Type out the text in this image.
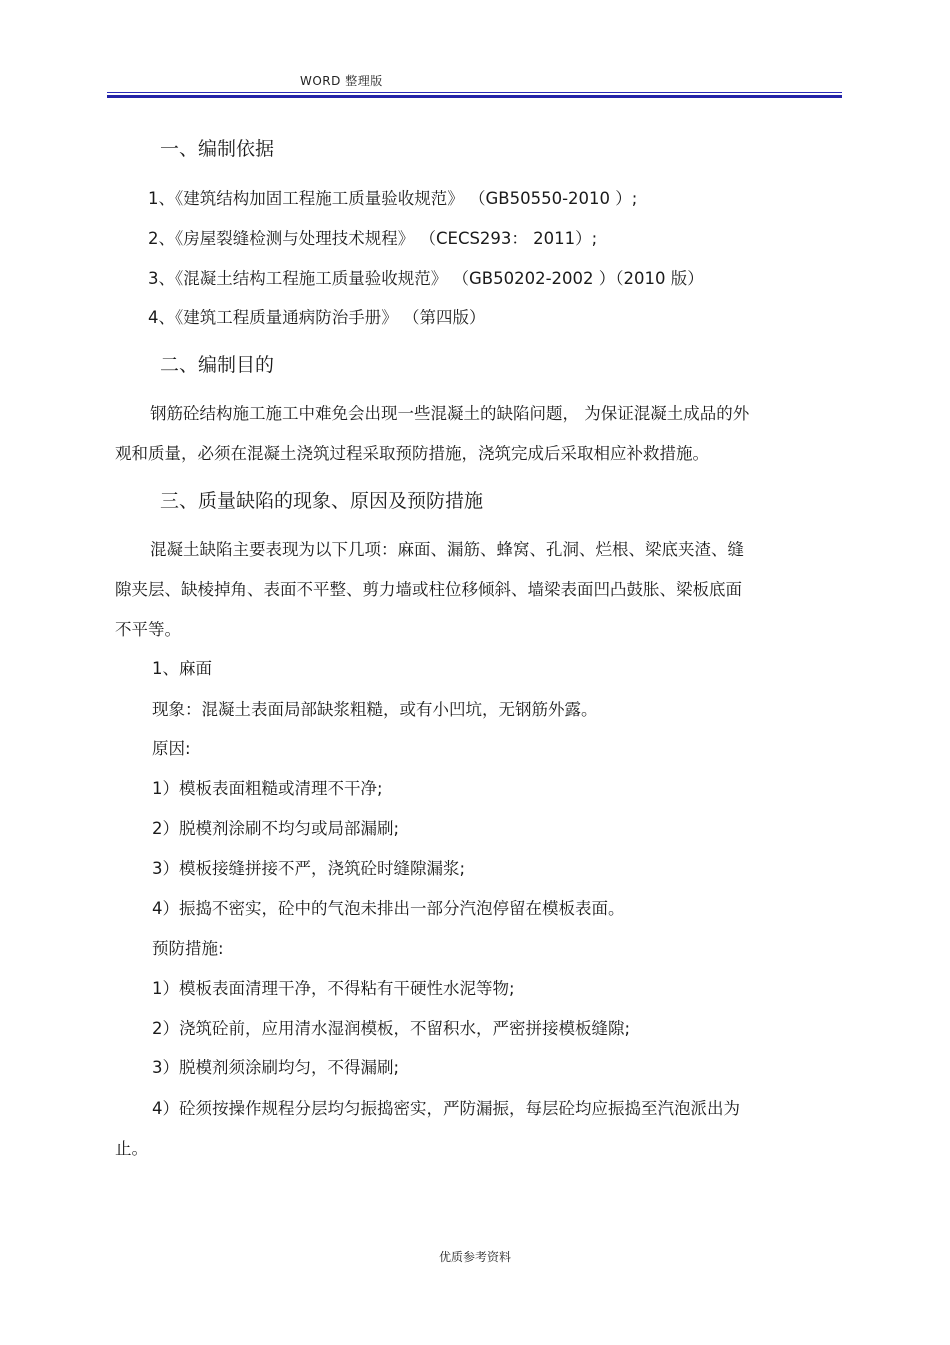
WORD 整理版
一、编制依据
1、《建筑结构加固工程施工质量验收规范》 （GB50550-2010 ）;
2、《房屋裂缝检测与处理技术规程》 （CECS293： 2011）;
3、《混凝土结构工程施工质量验收规范》 （GB50202-2002 ）（2010 版）
4、《建筑工程质量通病防治手册》 （第四版）
二、编制目的
钢筋砼结构施工施工中难免会出现一些混凝土的缺陷问题， 为保证混凝土成品的外
观和质量，必须在混凝土浇筑过程采取预防措施，浇筑完成后采取相应补救措施。
三、质量缺陷的现象、原因及预防措施
混凝土缺陷主要表现为以下几项：麻面、漏筋、蜂窝、孔洞、烂根、梁底夹渣、缝
隙夹层、缺棱掉角、表面不平整、剪力墙或柱位移倾斜、墙梁表面凹凸鼓胀、梁板底面
不平等。
1、麻面
现象：混凝土表面局部缺浆粗糙，或有小凹坑，无钢筋外露。
原因:
1）模板表面粗糙或清理不干净;
2）脱模剂涂刷不均匀或局部漏刷;
3）模板接缝拼接不严，浇筑砼时缝隙漏浆;
4）振捣不密实，砼中的气泡未排出一部分汽泡停留在模板表面。
预防措施:
1）模板表面清理干净，不得粘有干硬性水泥等物;
2）浇筑砼前，应用清水湿润模板，不留积水，严密拼接模板缝隙;
3）脱模剂须涂刷均匀，不得漏刷;
4）砼须按操作规程分层均匀振捣密实，严防漏振，每层砼均应振捣至汽泡派出为
止。
优质参考资料
